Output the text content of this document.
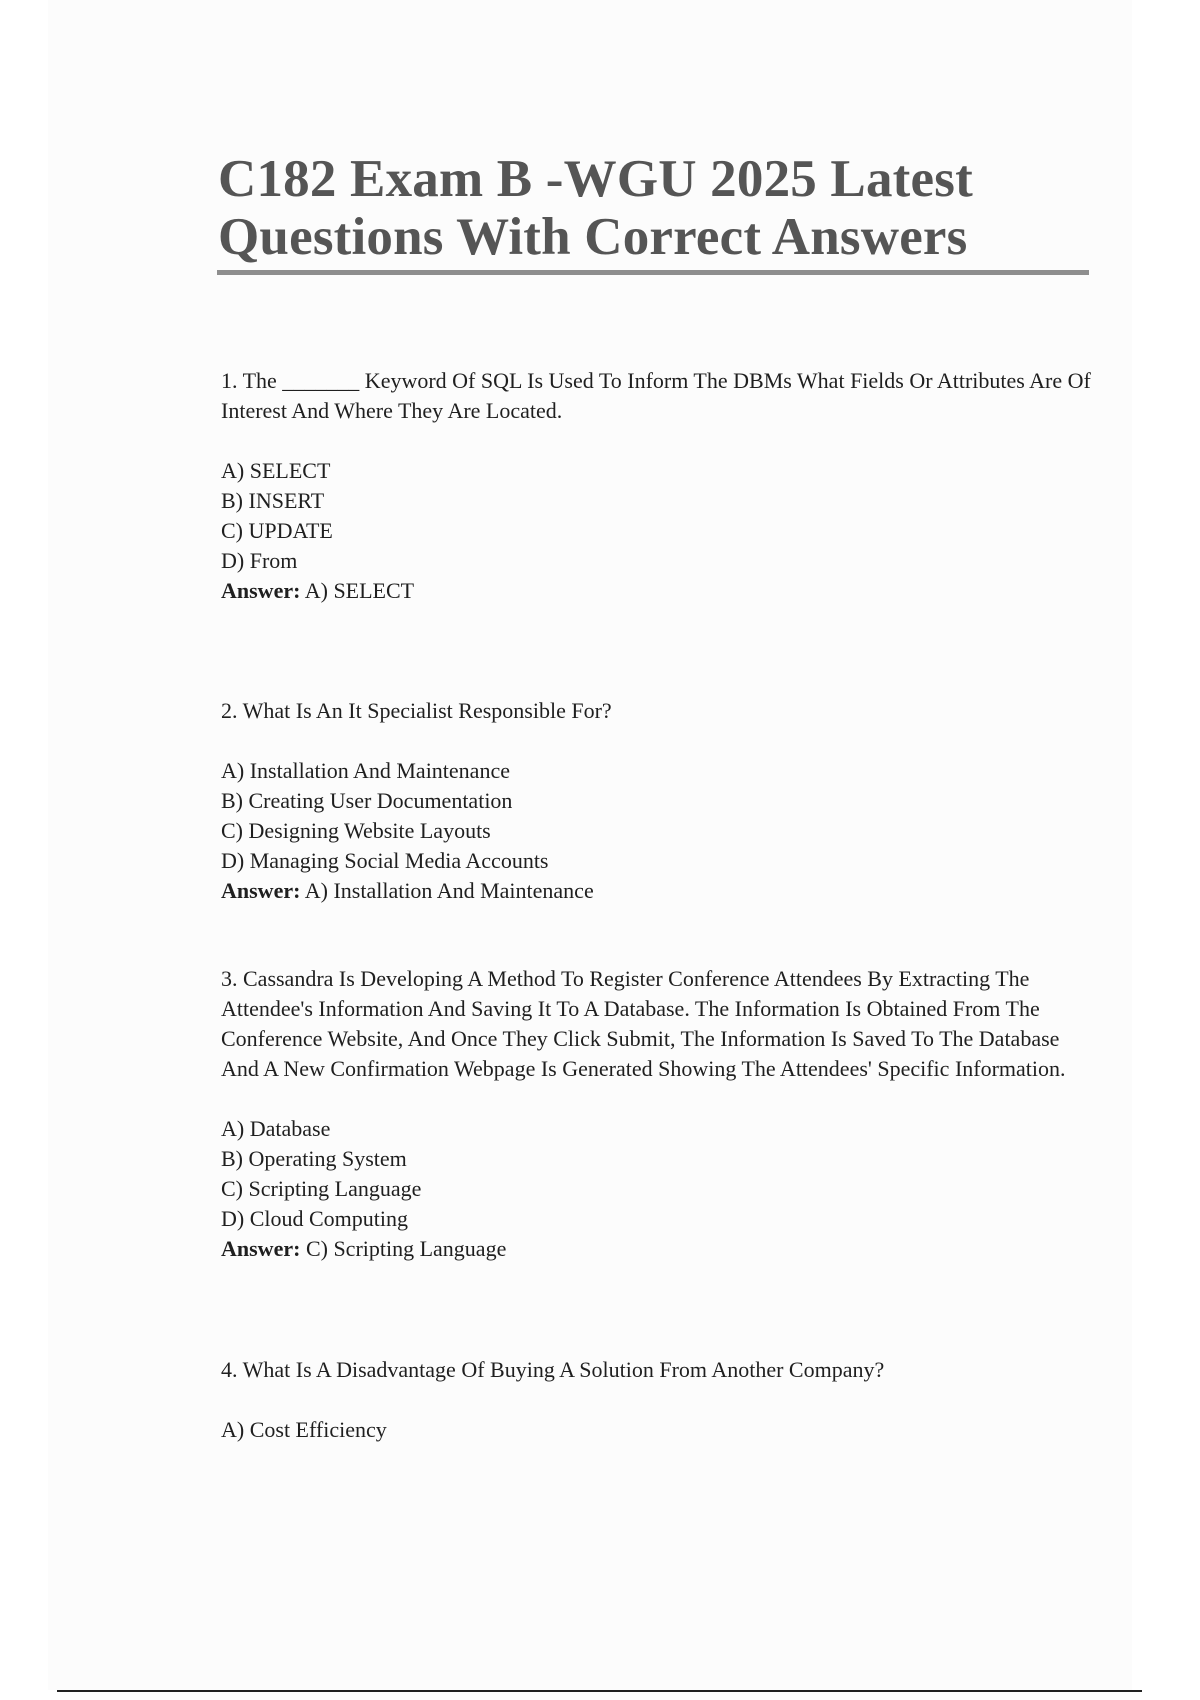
C182 Exam B -WGU 2025 Latest Questions With Correct Answers

1. The _______ Keyword Of SQL Is Used To Inform The DBMs What Fields Or Attributes Are Of Interest And Where They Are Located.

A) SELECT
B) INSERT
C) UPDATE
D) From

Answer: A) SELECT

2. What Is An It Specialist Responsible For?

A) Installation And Maintenance
B) Creating User Documentation
C) Designing Website Layouts
D) Managing Social Media Accounts

Answer: A) Installation And Maintenance

3. Cassandra Is Developing A Method To Register Conference Attendees By Extracting The Attendee's Information And Saving It To A Database. The Information Is Obtained From The Conference Website, And Once They Click Submit, The Information Is Saved To The Database And A New Confirmation Webpage Is Generated Showing The Attendees' Specific Information.

A) Database
B) Operating System
C) Scripting Language
D) Cloud Computing

Answer: C) Scripting Language

4. What Is A Disadvantage Of Buying A Solution From Another Company?

A) Cost Efficiency
